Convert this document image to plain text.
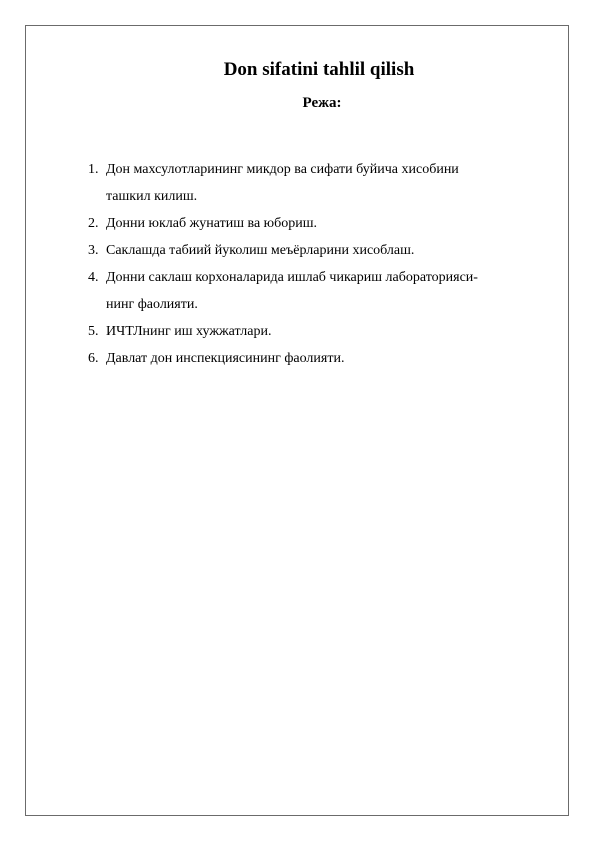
Don sifatini tahlil qilish
Режа:
1. Дон махсулотларининг микдор ва сифати буйича хисобини
ташкил килиш.
2. Донни юклаб жунатиш ва юбориш.
3. Саклашда табиий йуколиш меъёрларини хисоблаш.
4. Донни саклаш корхоналарида ишлаб чикариш лабораторияси-
нинг фаолияти.
5. ИЧТЛнинг иш хужжатлари.
6. Давлат дон инспекциясининг фаолияти.
